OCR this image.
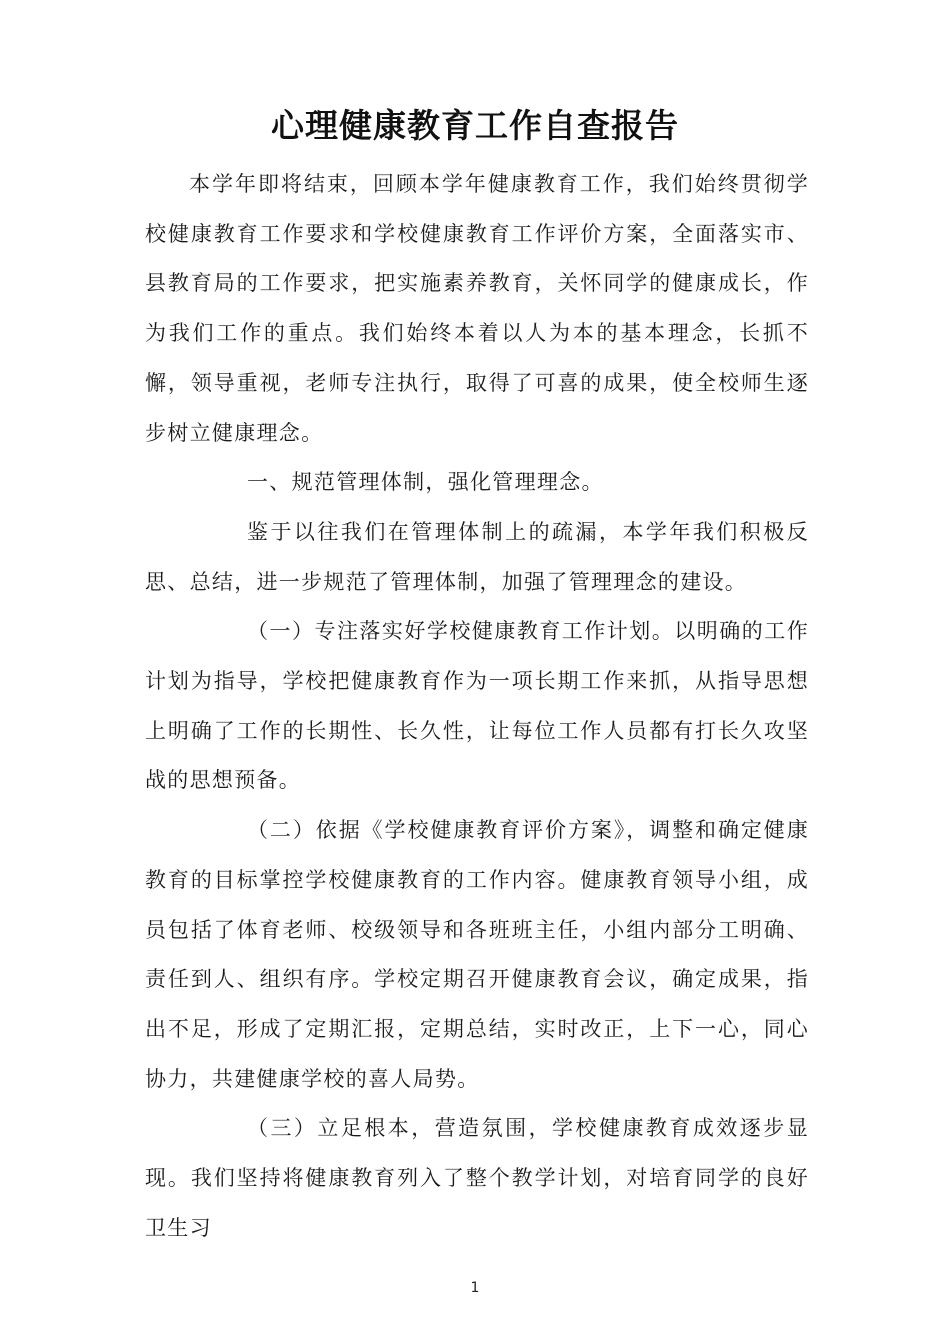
心理健康教育工作自查报告

本学年即将结束，回顾本学年健康教育工作，我们始终贯彻学校健康教育工作要求和学校健康教育工作评价方案，全面落实市、县教育局的工作要求，把实施素养教育，关怀同学的健康成长，作为我们工作的重点。我们始终本着以人为本的基本理念，长抓不懈，领导重视，老师专注执行，取得了可喜的成果，使全校师生逐步树立健康理念。

一、规范管理体制，强化管理理念。

鉴于以往我们在管理体制上的疏漏，本学年我们积极反思、总结，进一步规范了管理体制，加强了管理理念的建设。

（一）专注落实好学校健康教育工作计划。以明确的工作计划为指导，学校把健康教育作为一项长期工作来抓，从指导思想上明确了工作的长期性、长久性，让每位工作人员都有打长久攻坚战的思想预备。

（二）依据《学校健康教育评价方案》，调整和确定健康教育的目标掌控学校健康教育的工作内容。健康教育领导小组，成员包括了体育老师、校级领导和各班班主任，小组内部分工明确、责任到人、组织有序。学校定期召开健康教育会议，确定成果，指出不足，形成了定期汇报，定期总结，实时改正，上下一心，同心协力，共建健康学校的喜人局势。

（三）立足根本，营造氛围，学校健康教育成效逐步显现。我们坚持将健康教育列入了整个教学计划，对培育同学的良好卫生习

1
